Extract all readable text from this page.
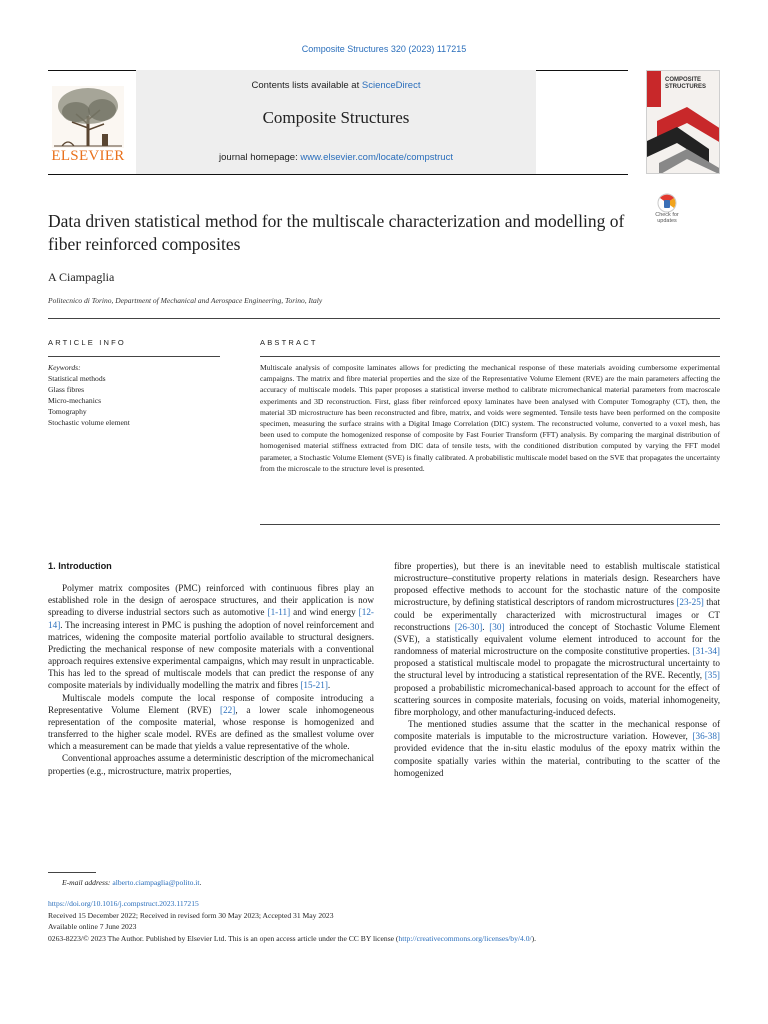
Composite Structures 320 (2023) 117215
ELSEVIER
Contents lists available at ScienceDirect
Composite Structures
journal homepage: www.elsevier.com/locate/compstruct
COMPOSITE
STRUCTURES
Check for
updates
Data driven statistical method for the multiscale characterization and modelling of fiber reinforced composites
A Ciampaglia
Politecnico di Torino, Department of Mechanical and Aerospace Engineering, Torino, Italy
ARTICLE INFO	ABSTRACT
Keywords:
Statistical methods
Glass fibres
Micro-mechanics
Tomography
Stochastic volume element
Multiscale analysis of composite laminates allows for predicting the mechanical response of these materials avoiding cumbersome experimental campaigns. The matrix and fibre material properties and the size of the Representative Volume Element (RVE) are the main parameters affecting the accuracy of multiscale models. This paper proposes a statistical inverse method to calibrate micromechanical material parameters from macroscale experiments and 3D reconstruction. First, glass fiber reinforced epoxy laminates have been analysed with Computer Tomography (CT), then, the material 3D microstructure has been reconstructed and fibre, matrix, and voids were segmented. Tensile tests have been performed on the composite specimen, measuring the surface strains with a Digital Image Correlation (DIC) system. The reconstructed volume, converted to a voxel mesh, has been used to compute the homogenized response of composite by Fast Fourier Transform (FFT) analysis. By comparing the marginal distribution of homogenised material stiffness extracted from DIC data of tensile tests, with the conditioned distribution computed by varying the FFT model parameter, a Stochastic Volume Element (SVE) is finally calibrated. A probabilistic multiscale model based on the SVE that propagates the uncertainty from the microscale to the structure level is presented.
1. Introduction

Polymer matrix composites (PMC) reinforced with continuous fibres play an established role in the design of aerospace structures, and their application is now spreading to diverse industrial sectors such as automotive [1-11] and wind energy [12-14]. The increasing interest in PMC is pushing the adoption of novel reinforcement and matrices, widening the composite material portfolio available to structural designers. Predicting the mechanical response of new composite materials with a conventional approach requires extensive experimental campaigns, which may result in unpracticable. This has led to the spread of multiscale models that can predict the response of any composite materials by individually modelling the matrix and fibres [15-21].

Multiscale models compute the local response of composite introducing a Representative Volume Element (RVE) [22], a lower scale inhomogeneous representation of the composite material, whose response is homogenized and transferred to the higher scale model. RVEs are defined as the smallest volume over which a measurement can be made that yields a value representative of the whole.

Conventional approaches assume a deterministic description of the micromechanical properties (e.g., microstructure, matrix properties,

fibre properties), but there is an inevitable need to establish multiscale statistical microstructure–constitutive property relations in materials design. Researchers have proposed effective methods to account for the stochastic nature of the composite microstructure, by defining statistical descriptors of random microstructures [23-25] that could be experimentally characterized with microstructural images or CT reconstructions [26-30]. [30] introduced the concept of Stochastic Volume Element (SVE), a statistically equivalent volume element introduced to account for the randomness of material microstructure on the composite constitutive properties. [31-34] proposed a statistical multiscale model to propagate the microstructural uncertainty to the structural level by introducing a statistical representation of the RVE. Recently, [35] proposed a probabilistic micromechanical-based approach to account for the effect of scattering sources in composite materials, focusing on voids, material inhomogeneity, fibre morphology, and other manufacturing-induced defects.

The mentioned studies assume that the scatter in the mechanical response of composite materials is imputable to the microstructure variation. However, [36-38] provided evidence that the in-situ elastic modulus of the epoxy matrix within the composite spatially varies within the material, contributing to the scatter of the homogenized

E-mail address: alberto.ciampaglia@polito.it.
https://doi.org/10.1016/j.compstruct.2023.117215
Received 15 December 2022; Received in revised form 30 May 2023; Accepted 31 May 2023
Available online 7 June 2023
0263-8223/© 2023 The Author. Published by Elsevier Ltd. This is an open access article under the CC BY license (http://creativecommons.org/licenses/by/4.0/).
